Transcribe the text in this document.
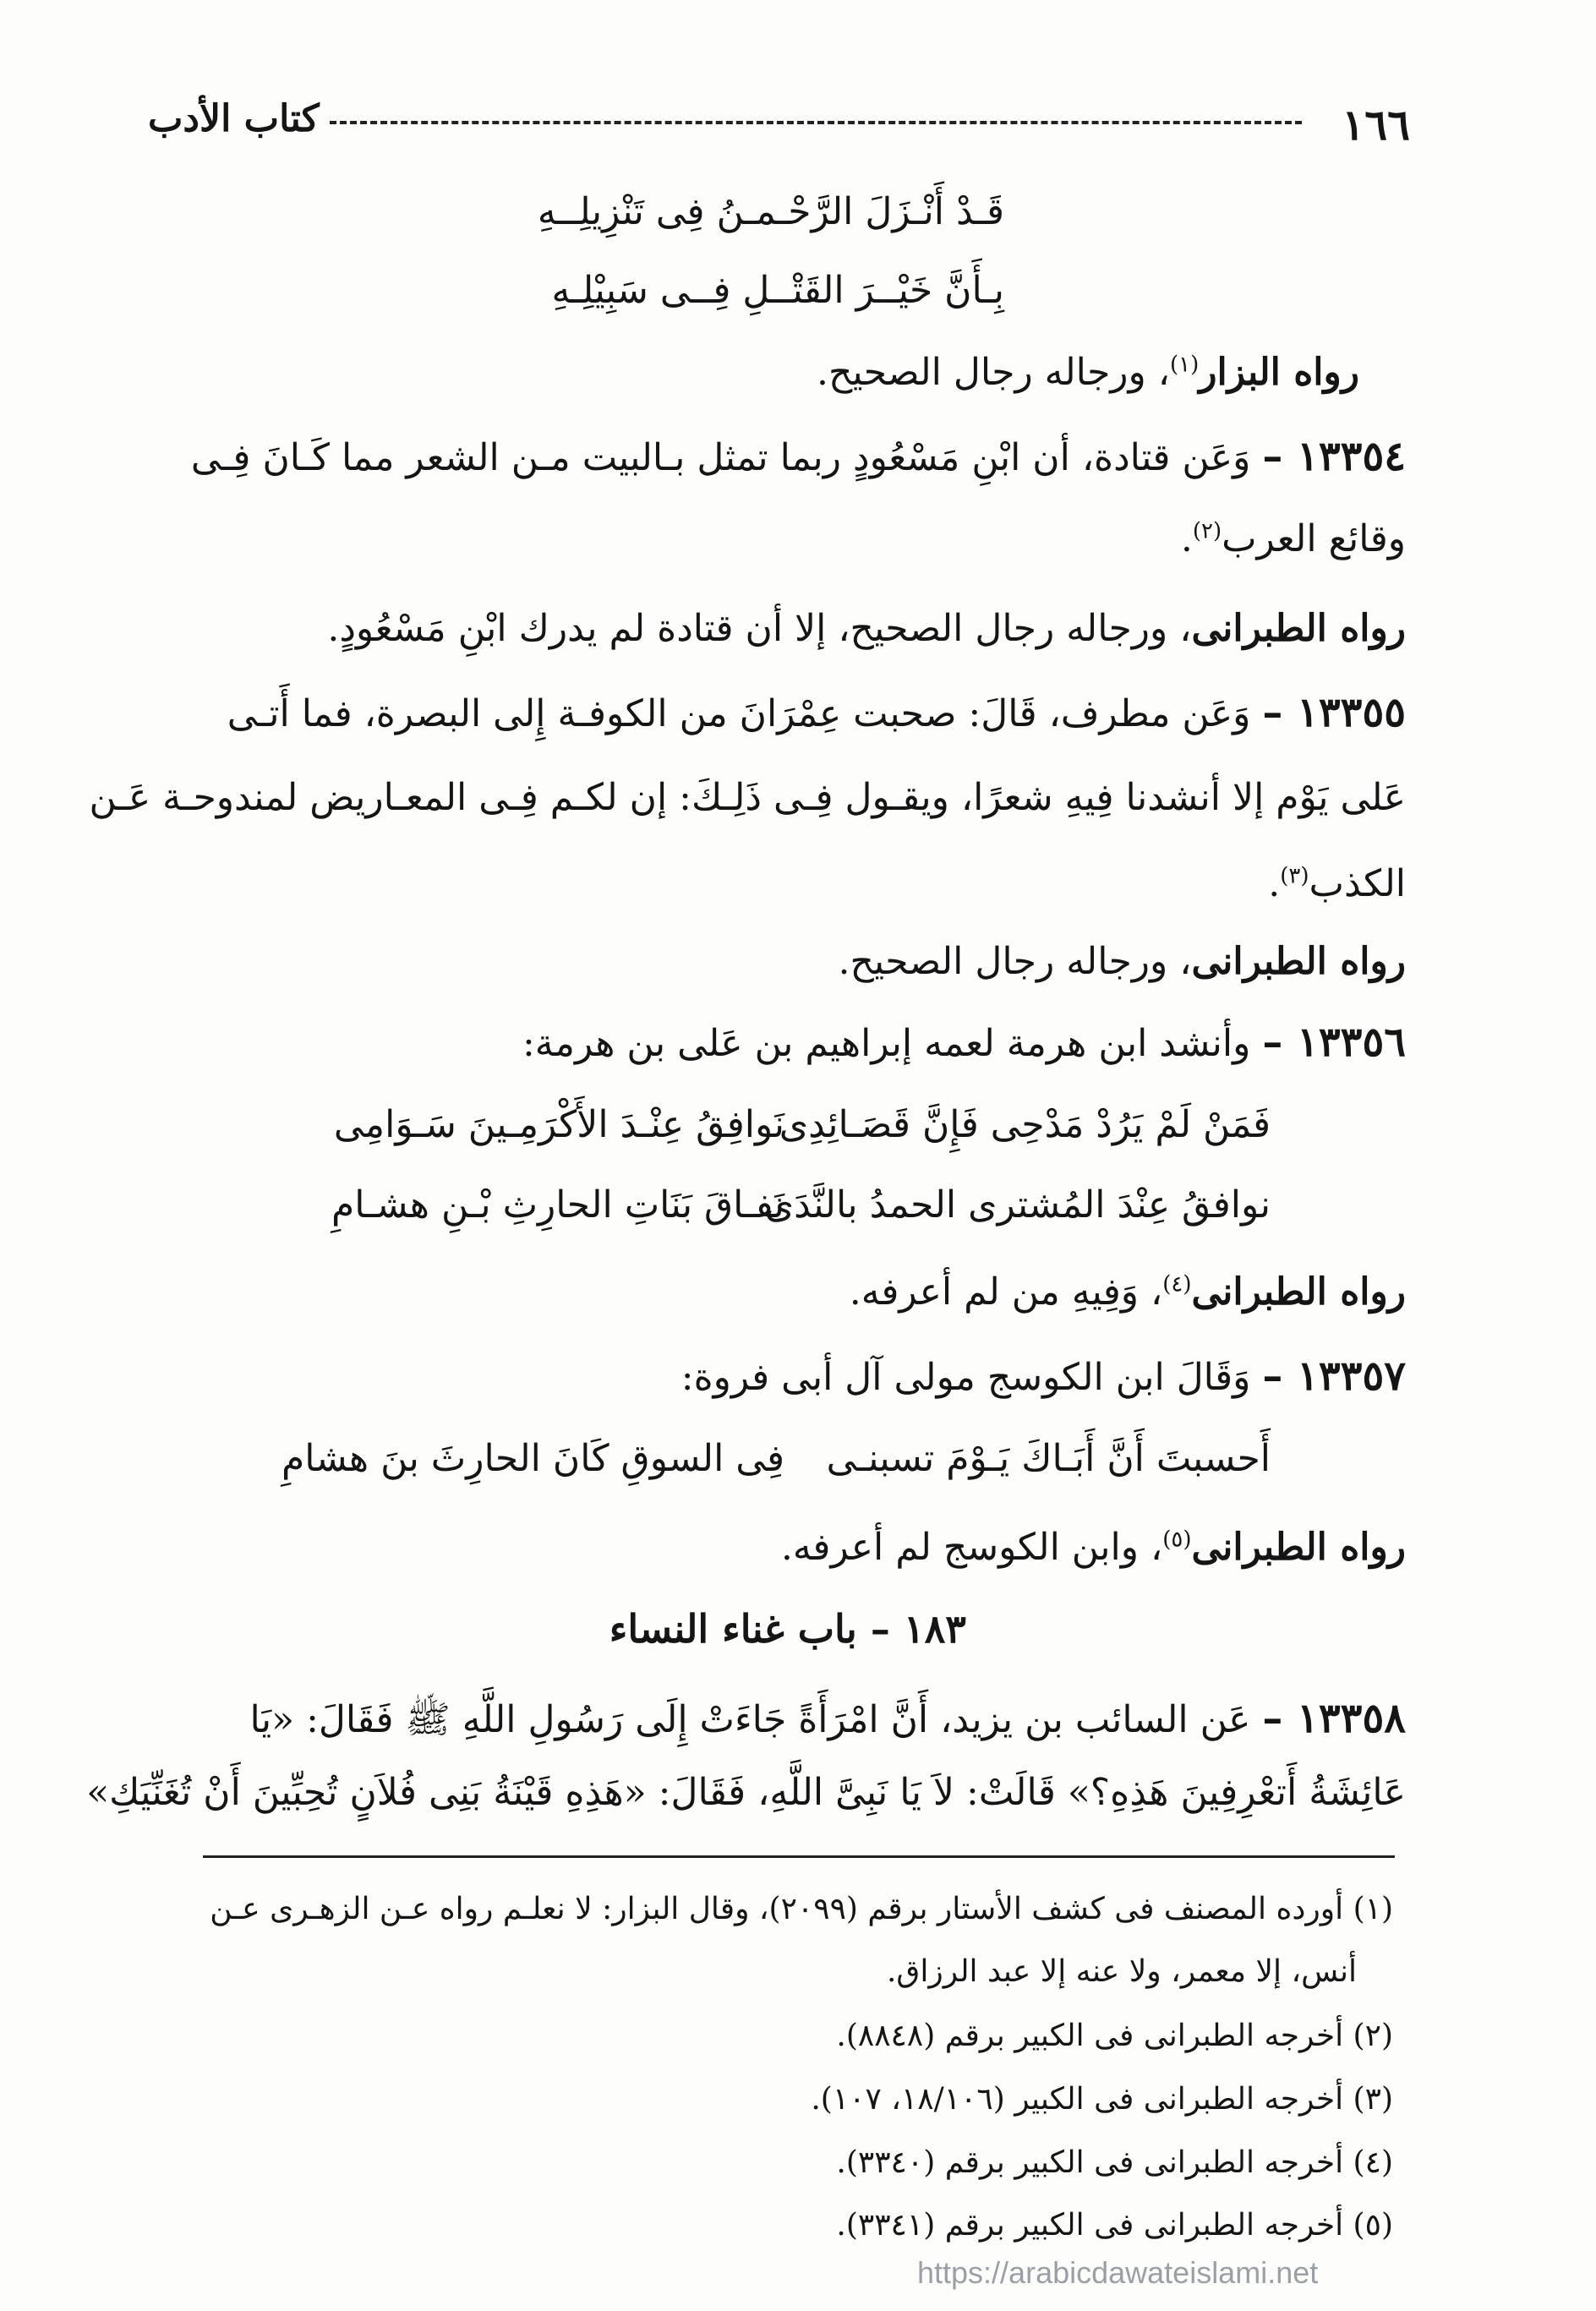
١٦٦
كتاب الأدب
قَـدْ أَنْـزَلَ الرَّحْـمـنُ فِى تَنْزِيلِــهِ
بِـأَنَّ خَيْــرَ القَتْــلِ فِــى سَبِيْلِـهِ
رواه البزار$^{(١)}$، ورجاله رجال الصحيح.
١٣٣٥٤ – وَعَن قتادة، أن ابْنِ مَسْعُودٍ ربما تمثل بـالبيت مـن الشعر مما كَـانَ فِـى
وقائع العرب$^{(٢)}$.
رواه الطبرانى، ورجاله رجال الصحيح، إلا أن قتادة لم يدرك ابْنِ مَسْعُودٍ.
١٣٣٥٥ – وَعَن مطرف، قَالَ: صحبت عِمْرَانَ من الكوفـة إِلى البصرة، فما أَتـى
عَلى يَوْم إلا أنشدنا فِيهِ شعرًا، ويقـول فِـى ذَلِـكَ: إن لكـم فِـى المعـاريض لمندوحـة عَـن
الكذب$^{(٣)}$.
رواه الطبرانى، ورجاله رجال الصحيح.
١٣٣٥٦ – وأنشد ابن هرمة لعمه إبراهيم بن عَلى بن هرمة:
فَمَنْ لَمْ يَرُدْ مَدْحِى فَإِنَّ قَصَـائِدِى
نَوافِقُ عِنْـدَ الأَكْرَمِـينَ سَـوَامِى
نوافقُ عِنْدَ المُشترى الحمدُ بالنَّدَى
نَفـاقَ بَنَاتِ الحارِثِ بْـنِ هشـامِ
رواه الطبرانى$^{(٤)}$، وَفِيهِ من لم أعرفه.
١٣٣٥٧ – وَقَالَ ابن الكوسج مولى آل أبى فروة:
أَحسبتَ أَنَّ أَبَـاكَ يَـوْمَ تسبنـى
فِى السوقِ كَانَ الحارِثَ بنَ هشامِ
رواه الطبرانى$^{(٥)}$، وابن الكوسج لم أعرفه.
١٨٣ – باب غناء النساء
١٣٣٥٨ – عَن السائب بن يزيد، أَنَّ امْرَأَةً جَاءَتْ إِلَى رَسُولِ اللَّهِ ﷺ فَقَالَ: «يَا
عَائِشَةُ أَتعْرِفِينَ هَذِهِ؟» قَالَتْ: لاَ يَا نَبِىَّ اللَّهِ، فَقَالَ: «هَذِهِ قَيْنَةُ بَنِى فُلاَنٍ تُحِبِّينَ أَنْ تُغَنِّيَكِ»
(١) أورده المصنف فى كشف الأستار برقم (٢٠٩٩)، وقال البزار: لا نعلـم رواه عـن الزهـرى عـن
أنس، إلا معمر، ولا عنه إلا عبد الرزاق.
(٢) أخرجه الطبرانى فى الكبير برقم (٨٨٤٨).
(٣) أخرجه الطبرانى فى الكبير (١٨/١٠٦، ١٠٧).
(٤) أخرجه الطبرانى فى الكبير برقم (٣٣٤٠).
(٥) أخرجه الطبرانى فى الكبير برقم (٣٣٤١).
https://arabicdawateislami.net
